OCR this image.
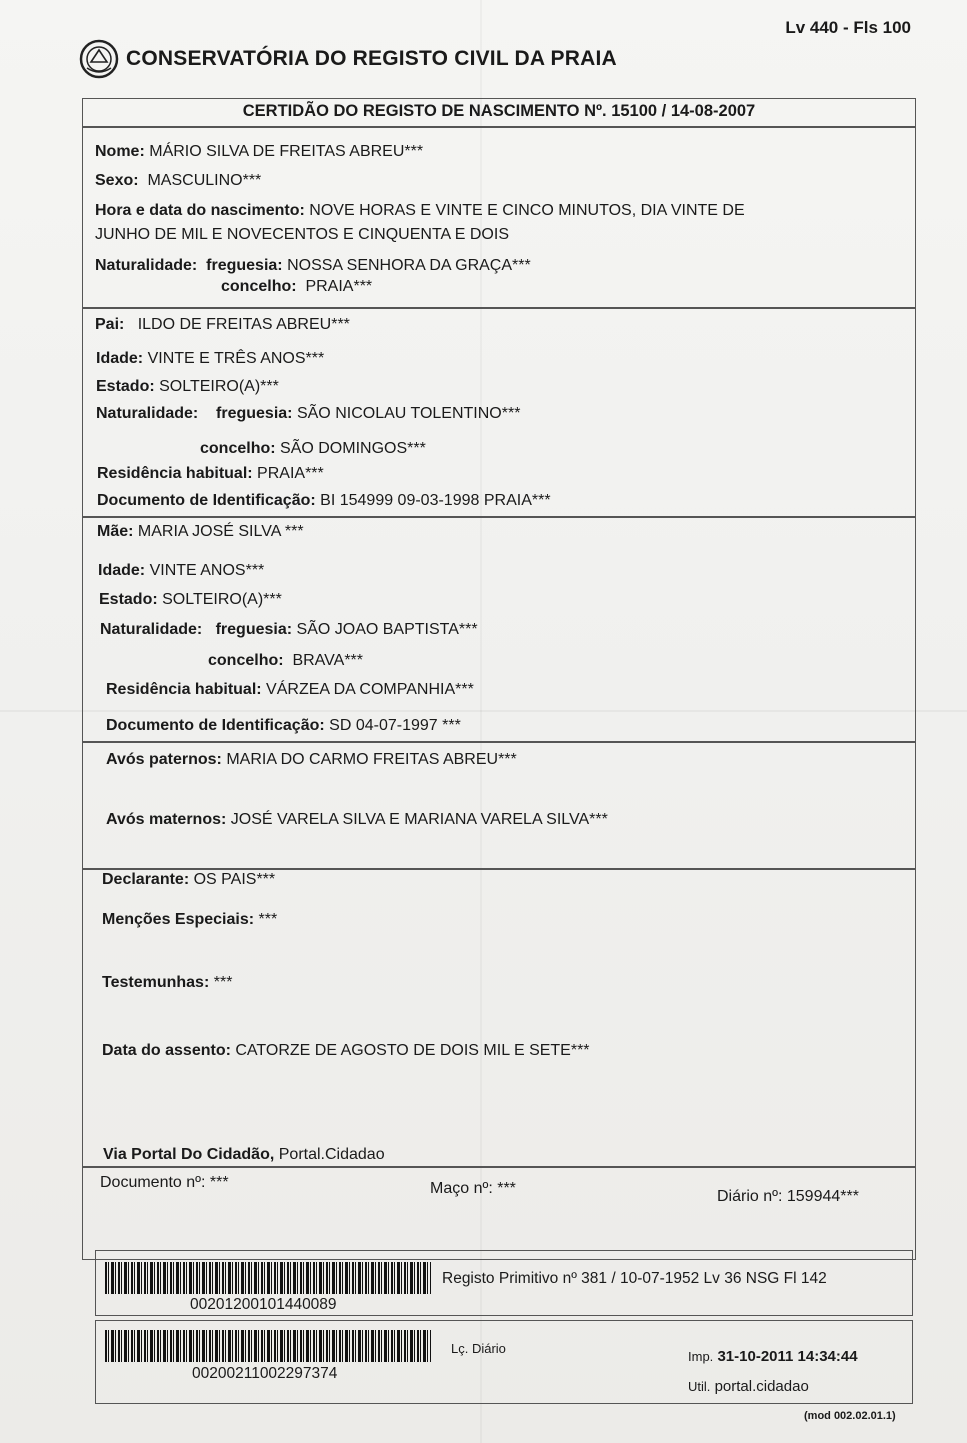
Lv 440 - Fls 100
CONSERVATÓRIA DO REGISTO CIVIL DA PRAIA
CERTIDÃO DO REGISTO DE NASCIMENTO Nº. 15100 / 14-08-2007
Nome: MÁRIO SILVA DE FREITAS ABREU***
Sexo: MASCULINO***
Hora e data do nascimento: NOVE HORAS E VINTE E CINCO MINUTOS, DIA VINTE DE
JUNHO DE MIL E NOVECENTOS E CINQUENTA E DOIS
Naturalidade: freguesia: NOSSA SENHORA DA GRAÇA***
concelho: PRAIA***
Pai: ILDO DE FREITAS ABREU***
Idade: VINTE E TRÊS ANOS***
Estado: SOLTEIRO(A)***
Naturalidade: freguesia: SÃO NICOLAU TOLENTINO***
concelho: SÃO DOMINGOS***
Residência habitual: PRAIA***
Documento de Identificação: BI 154999 09-03-1998 PRAIA***
Mãe: MARIA JOSÉ SILVA ***
Idade: VINTE ANOS***
Estado: SOLTEIRO(A)***
Naturalidade: freguesia: SÃO JOAO BAPTISTA***
concelho: BRAVA***
Residência habitual: VÁRZEA DA COMPANHIA***
Documento de Identificação: SD 04-07-1997 ***
Avós paternos: MARIA DO CARMO FREITAS ABREU***
Avós maternos: JOSÉ VARELA SILVA E MARIANA VARELA SILVA***
Declarante: OS PAIS***
Menções Especiais: ***
Testemunhas: ***
Data do assento: CATORZE DE AGOSTO DE DOIS MIL E SETE***
Via Portal Do Cidadão, Portal.Cidadao
Documento nº: ***	Maço nº: ***	Diário nº: 159944***
00201200101440089
Registo Primitivo nº 381 / 10-07-1952 Lv 36 NSG Fl 142
00200211002297374
Lç. Diário
Imp. 31-10-2011 14:34:44
Util. portal.cidadao
(mod 002.02.01.1)
